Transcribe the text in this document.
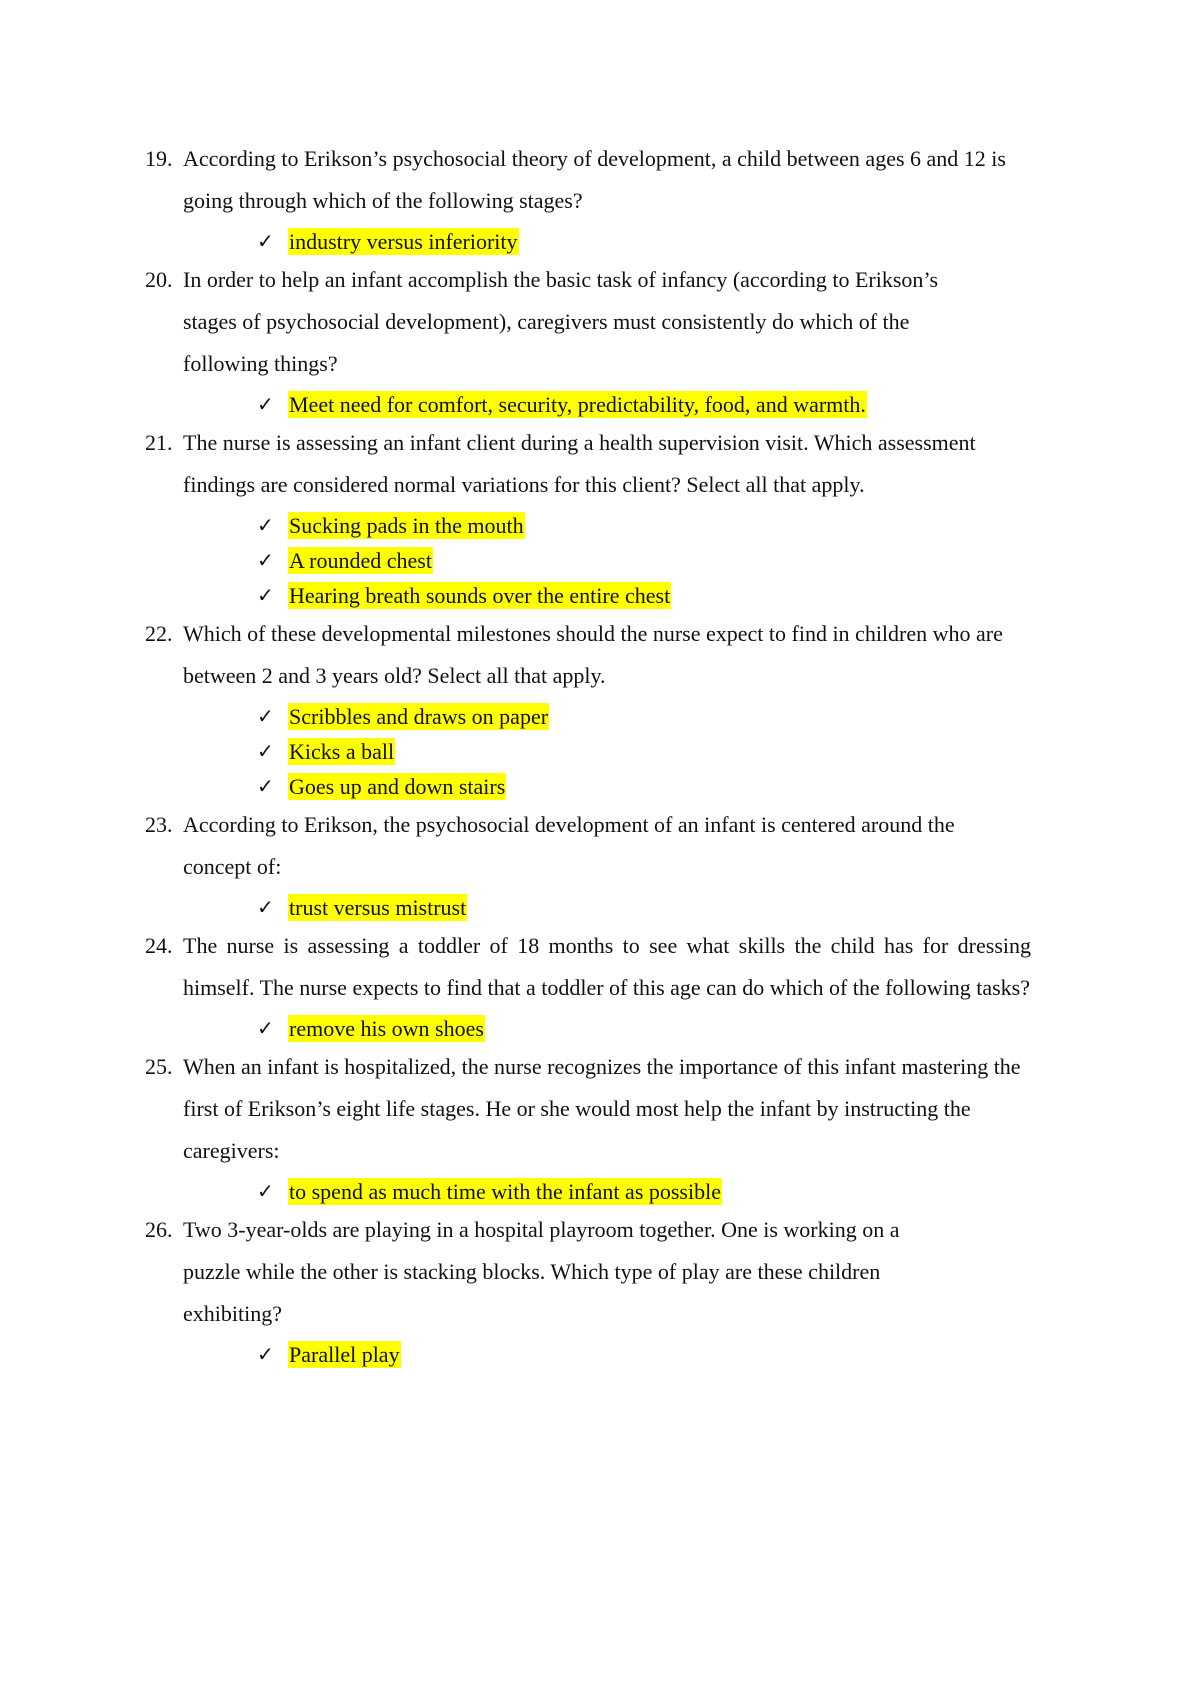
19. According to Erikson’s psychosocial theory of development, a child between ages 6 and 12 is going through which of the following stages?
✓ industry versus inferiority
20. In order to help an infant accomplish the basic task of infancy (according to Erikson’s stages of psychosocial development), caregivers must consistently do which of the following things?
✓ Meet need for comfort, security, predictability, food, and warmth.
21. The nurse is assessing an infant client during a health supervision visit. Which assessment findings are considered normal variations for this client? Select all that apply.
✓ Sucking pads in the mouth
✓ A rounded chest
✓ Hearing breath sounds over the entire chest
22. Which of these developmental milestones should the nurse expect to find in children who are between 2 and 3 years old? Select all that apply.
✓ Scribbles and draws on paper
✓ Kicks a ball
✓ Goes up and down stairs
23. According to Erikson, the psychosocial development of an infant is centered around the concept of:
✓ trust versus mistrust
24. The nurse is assessing a toddler of 18 months to see what skills the child has for dressing himself. The nurse expects to find that a toddler of this age can do which of the following tasks?
✓ remove his own shoes
25. When an infant is hospitalized, the nurse recognizes the importance of this infant mastering the first of Erikson’s eight life stages. He or she would most help the infant by instructing the caregivers:
✓ to spend as much time with the infant as possible
26. Two 3-year-olds are playing in a hospital playroom together. One is working on a puzzle while the other is stacking blocks. Which type of play are these children exhibiting?
✓ Parallel play
